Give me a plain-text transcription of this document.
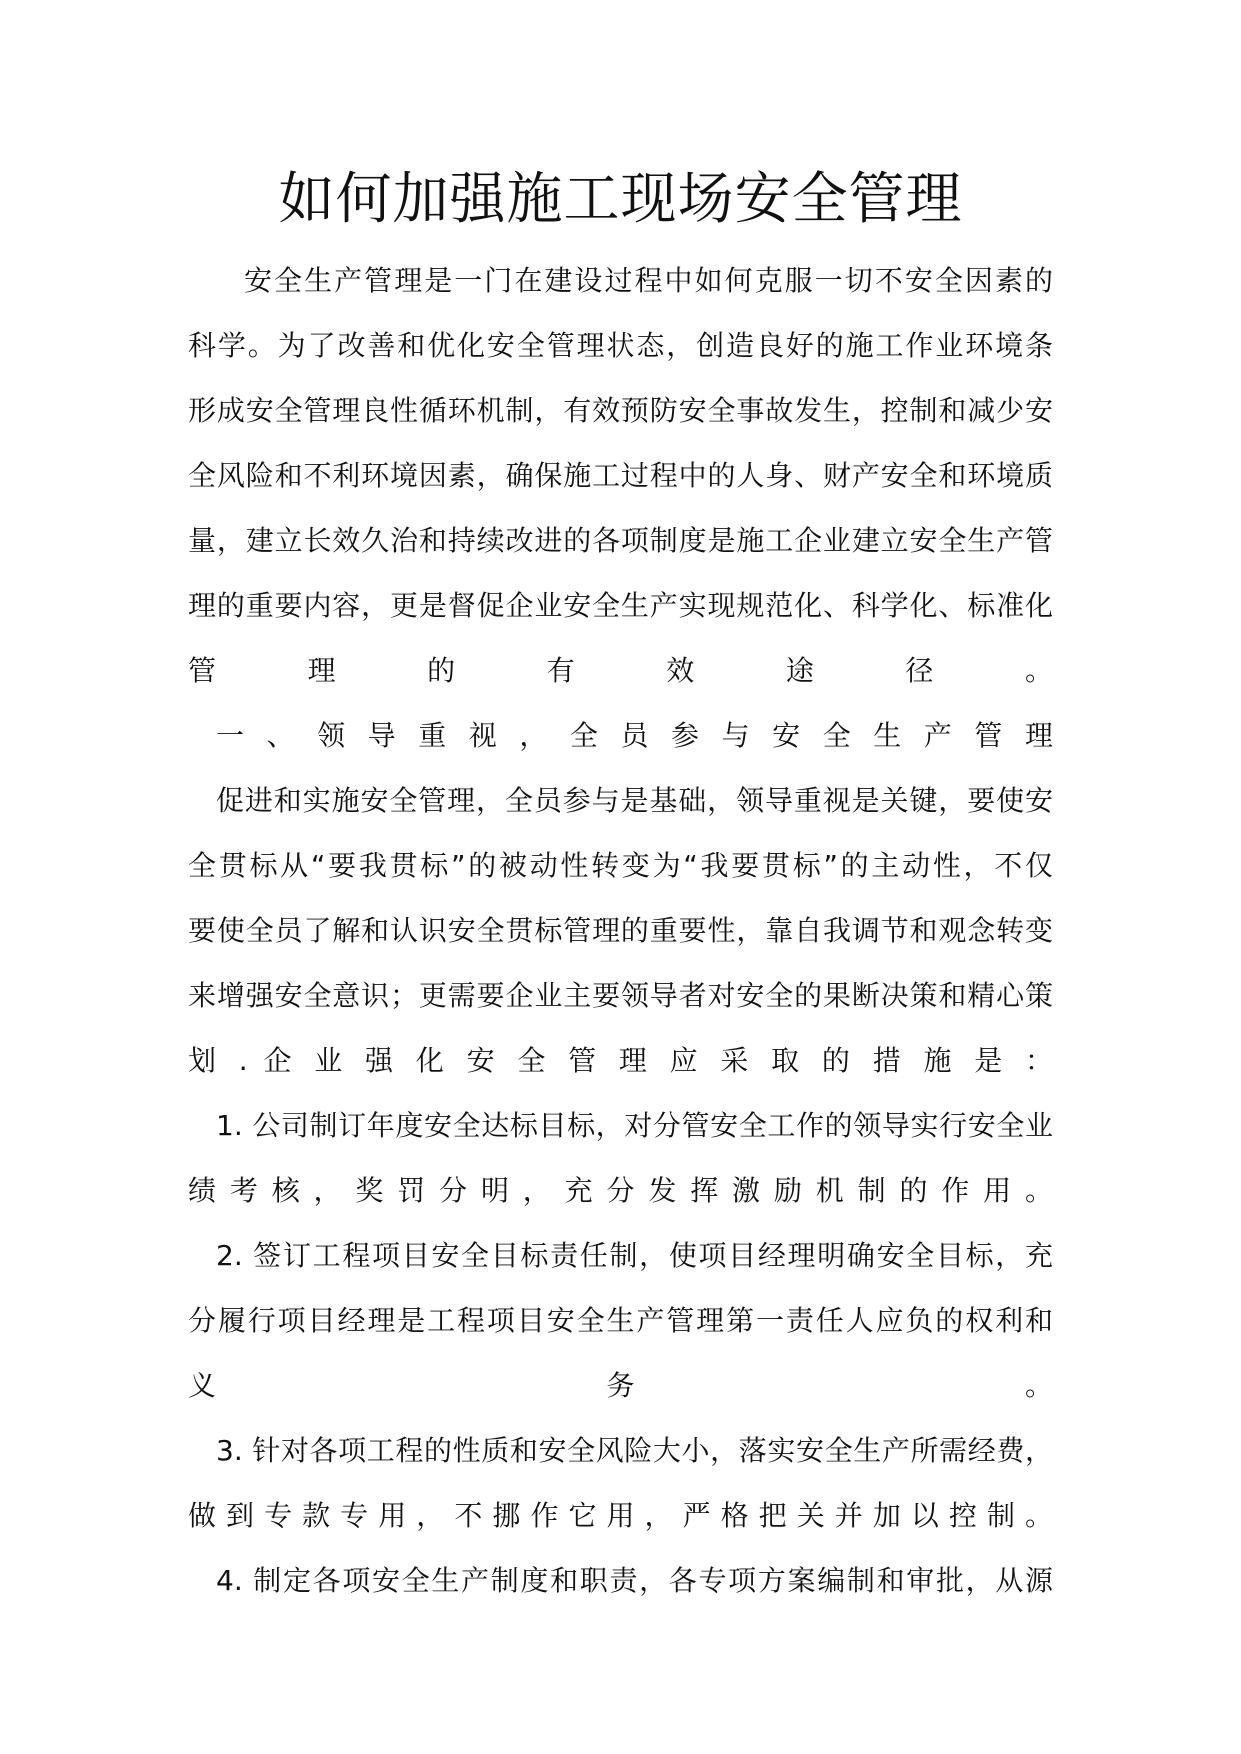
如何加强施工现场安全管理
安全生产管理是一门在建设过程中如何克服一切不安全因素的
科学。为了改善和优化安全管理状态，创造良好的施工作业环境条
形成安全管理良性循环机制，有效预防安全事故发生，控制和减少安
全风险和不利环境因素，确保施工过程中的人身、财产安全和环境质
量，建立长效久治和持续改进的各项制度是施工企业建立安全生产管
理的重要内容，更是督促企业安全生产实现规范化、科学化、标准化
管 理 的 有 效 途 径 。
一 、 领 导 重 视 ， 全 员 参 与 安 全 生 产 管 理
促进和实施安全管理，全员参与是基础，领导重视是关键，要使安
全贯标从“要我贯标”的被动性转变为“我要贯标”的主动性，不仅
要使全员了解和认识安全贯标管理的重要性，靠自我调节和观念转变
来增强安全意识；更需要企业主要领导者对安全的果断决策和精心策
划 . 企 业 强 化 安 全 管 理 应 采 取 的 措 施 是 ：
1. 公司制订年度安全达标目标，对分管安全工作的领导实行安全业
绩 考 核 ， 奖 罚 分 明 ， 充 分 发 挥 激 励 机 制 的 作 用 。
2. 签订工程项目安全目标责任制，使项目经理明确安全目标，充
分履行项目经理是工程项目安全生产管理第一责任人应负的权利和
义 务 。
3. 针对各项工程的性质和安全风险大小，落实安全生产所需经费，
做 到 专 款 专 用 ， 不 挪 作 它 用 ， 严 格 把 关 并 加 以 控 制 。
4. 制定各项安全生产制度和职责，各专项方案编制和审批，从源
